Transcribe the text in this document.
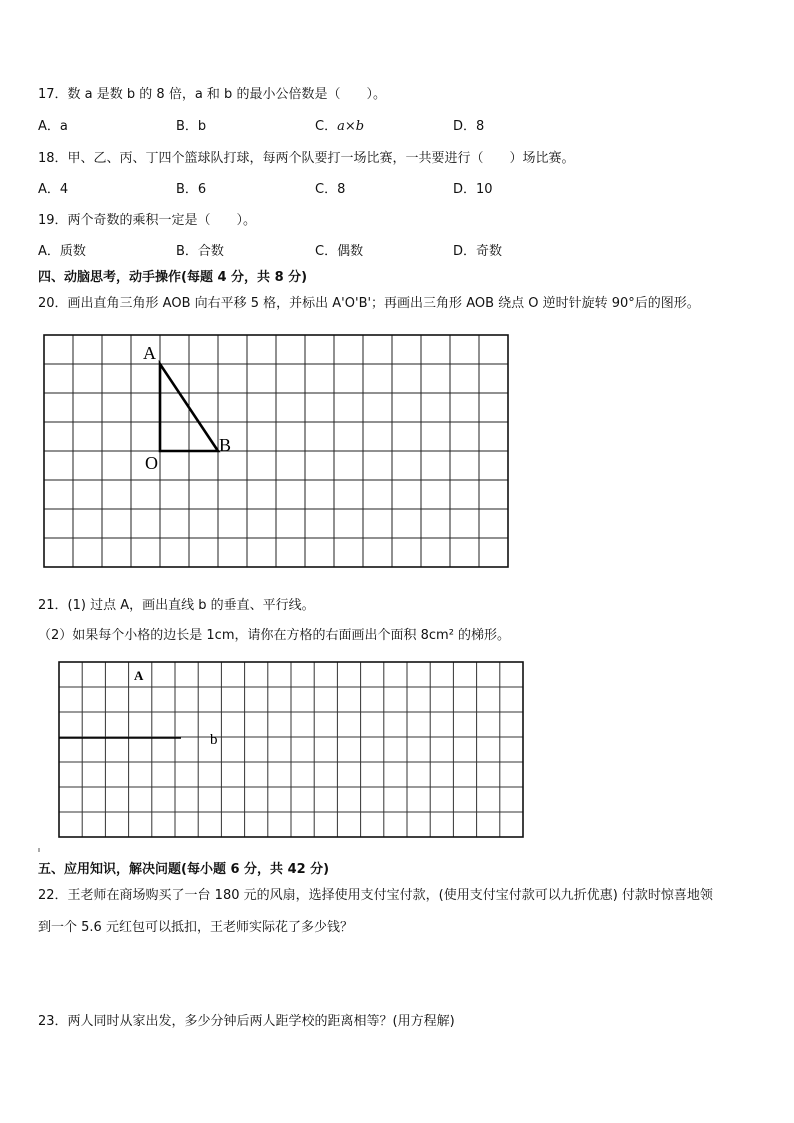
17．数 a 是数 b 的 8 倍，a 和 b 的最小公倍数是（　　）。
A．a	B．b	C．a×b	D．8
18．甲、乙、丙、丁四个篮球队打球，每两个队要打一场比赛，一共要进行（　　）场比赛。
A．4	B．6	C．8	D．10
19．两个奇数的乘积一定是（　　）。
A．质数	B．合数	C．偶数	D．奇数
四、动脑思考，动手操作(每题 4 分，共 8 分)
20．画出直角三角形 AOB 向右平移 5 格，并标出 A'O'B'；再画出三角形 AOB 绕点 O 逆时针旋转 90°后的图形。
A
O
B
A
b
21．(1) 过点 A，画出直线 b 的垂直、平行线。
（2）如果每个小格的边长是 1cm，请你在方格的右面画出个面积 8cm² 的梯形。
五、应用知识，解决问题(每小题 6 分，共 42 分)
22．王老师在商场购买了一台 180 元的风扇，选择使用支付宝付款，(使用支付宝付款可以九折优惠) 付款时惊喜地领
到一个 5.6 元红包可以抵扣，王老师实际花了多少钱？
23．两人同时从家出发，多少分钟后两人距学校的距离相等？(用方程解)
